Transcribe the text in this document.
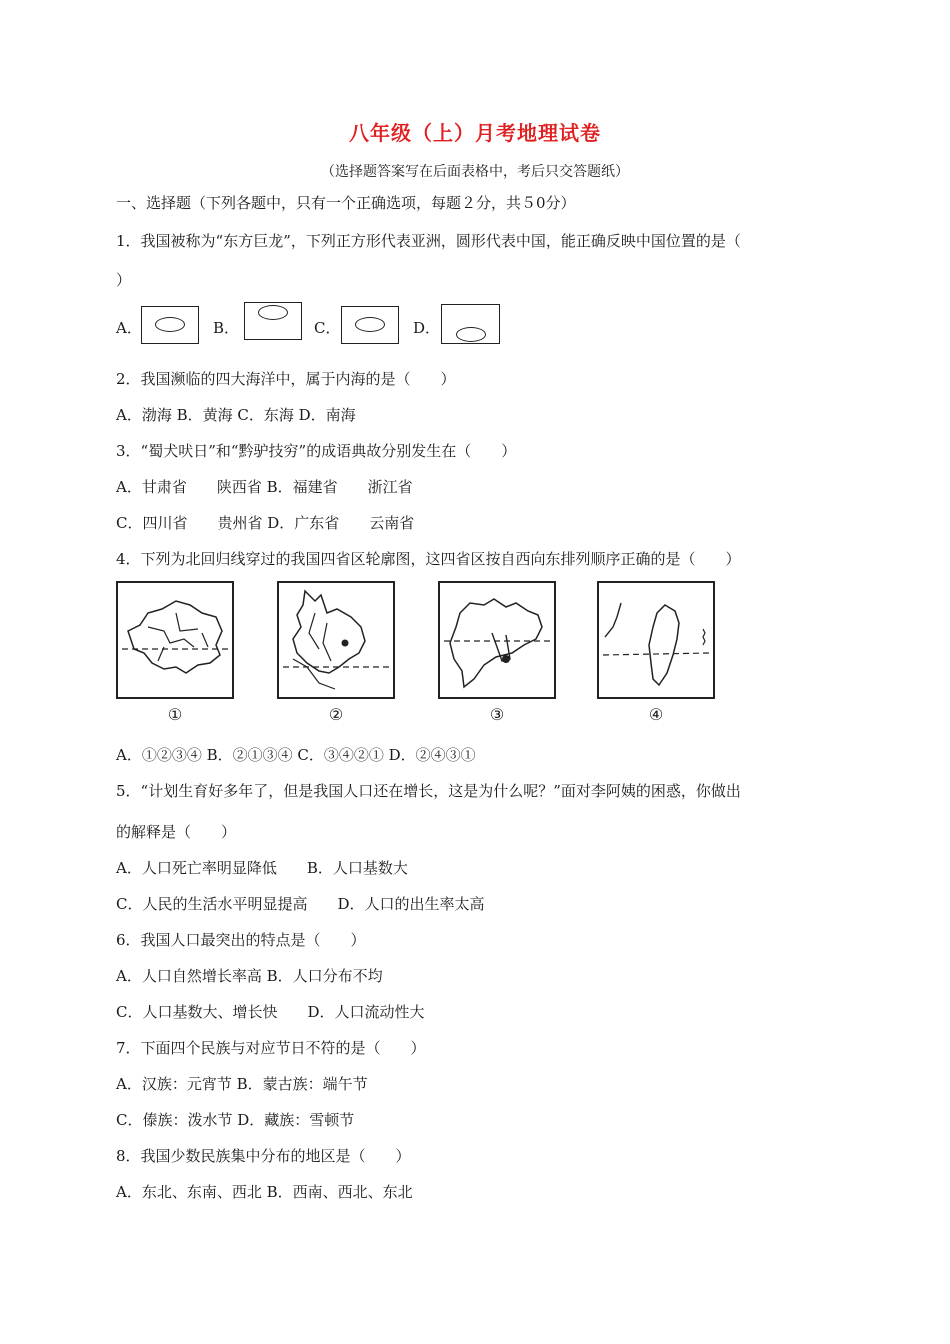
八年级（上）月考地理试卷
（选择题答案写在后面表格中，考后只交答题纸）
一、选择题（下列各题中，只有一个正确选项，每题２分，共５0分）
1．我国被称为“东方巨龙”，下列正方形代表亚洲，圆形代表中国，能正确反映中国位置的是（
）
A．	B．	C．	D．
2．我国濒临的四大海洋中，属于内海的是（　　）
A．渤海 B．黄海 C．东海 D．南海
3．“蜀犬吠日”和“黔驴技穷”的成语典故分别发生在（　　）
A．甘肃省　　陕西省 B．福建省　　浙江省
C．四川省　　贵州省 D．广东省　　云南省
4．下列为北回归线穿过的我国四省区轮廓图，这四省区按自西向东排列顺序正确的是（　　）
①	②	③	④
A．①②③④ B．②①③④ C．③④②① D．②④③①
5．“计划生育好多年了，但是我国人口还在增长，这是为什么呢？”面对李阿姨的困惑，你做出
的解释是（　　）
A．人口死亡率明显降低　　B．人口基数大
C．人民的生活水平明显提高　　D．人口的出生率太高
6．我国人口最突出的特点是（　　）
A．人口自然增长率高 B．人口分布不均
C．人口基数大、增长快　　D．人口流动性大
7．下面四个民族与对应节日不符的是（　　）
A．汉族：元宵节 B．蒙古族：端午节
C．傣族：泼水节 D．藏族：雪顿节
8．我国少数民族集中分布的地区是（　　）
A．东北、东南、西北 B．西南、西北、东北
